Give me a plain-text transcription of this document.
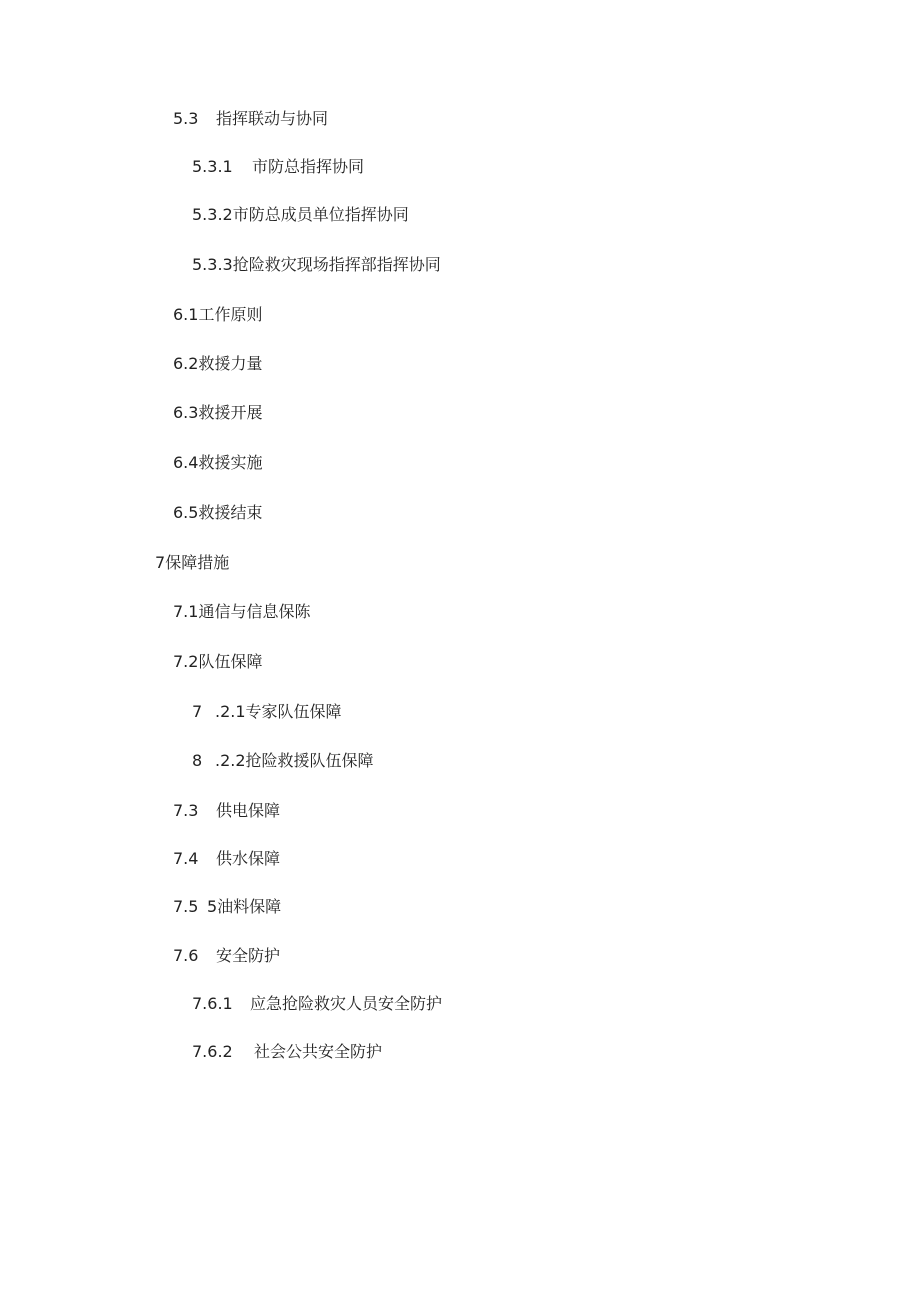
5.3 指挥联动与协同
5.3.1 市防总指挥协同
5.3.2市防总成员单位指挥协同
5.3.3抢险救灾现场指挥部指挥协同
6.1工作原则
6.2救援力量
6.3救援开展
6.4救援实施
6.5救援结束
7保障措施
7.1通信与信息保陈
7.2队伍保障
7 .2.1专家队伍保障
8 .2.2抢险救援队伍保障
7.3 供电保障
7.4 供水保障
7.5 5油料保障
7.6 安全防护
7.6.1 应急抢险救灾人员安全防护
7.6.2 社会公共安全防护
